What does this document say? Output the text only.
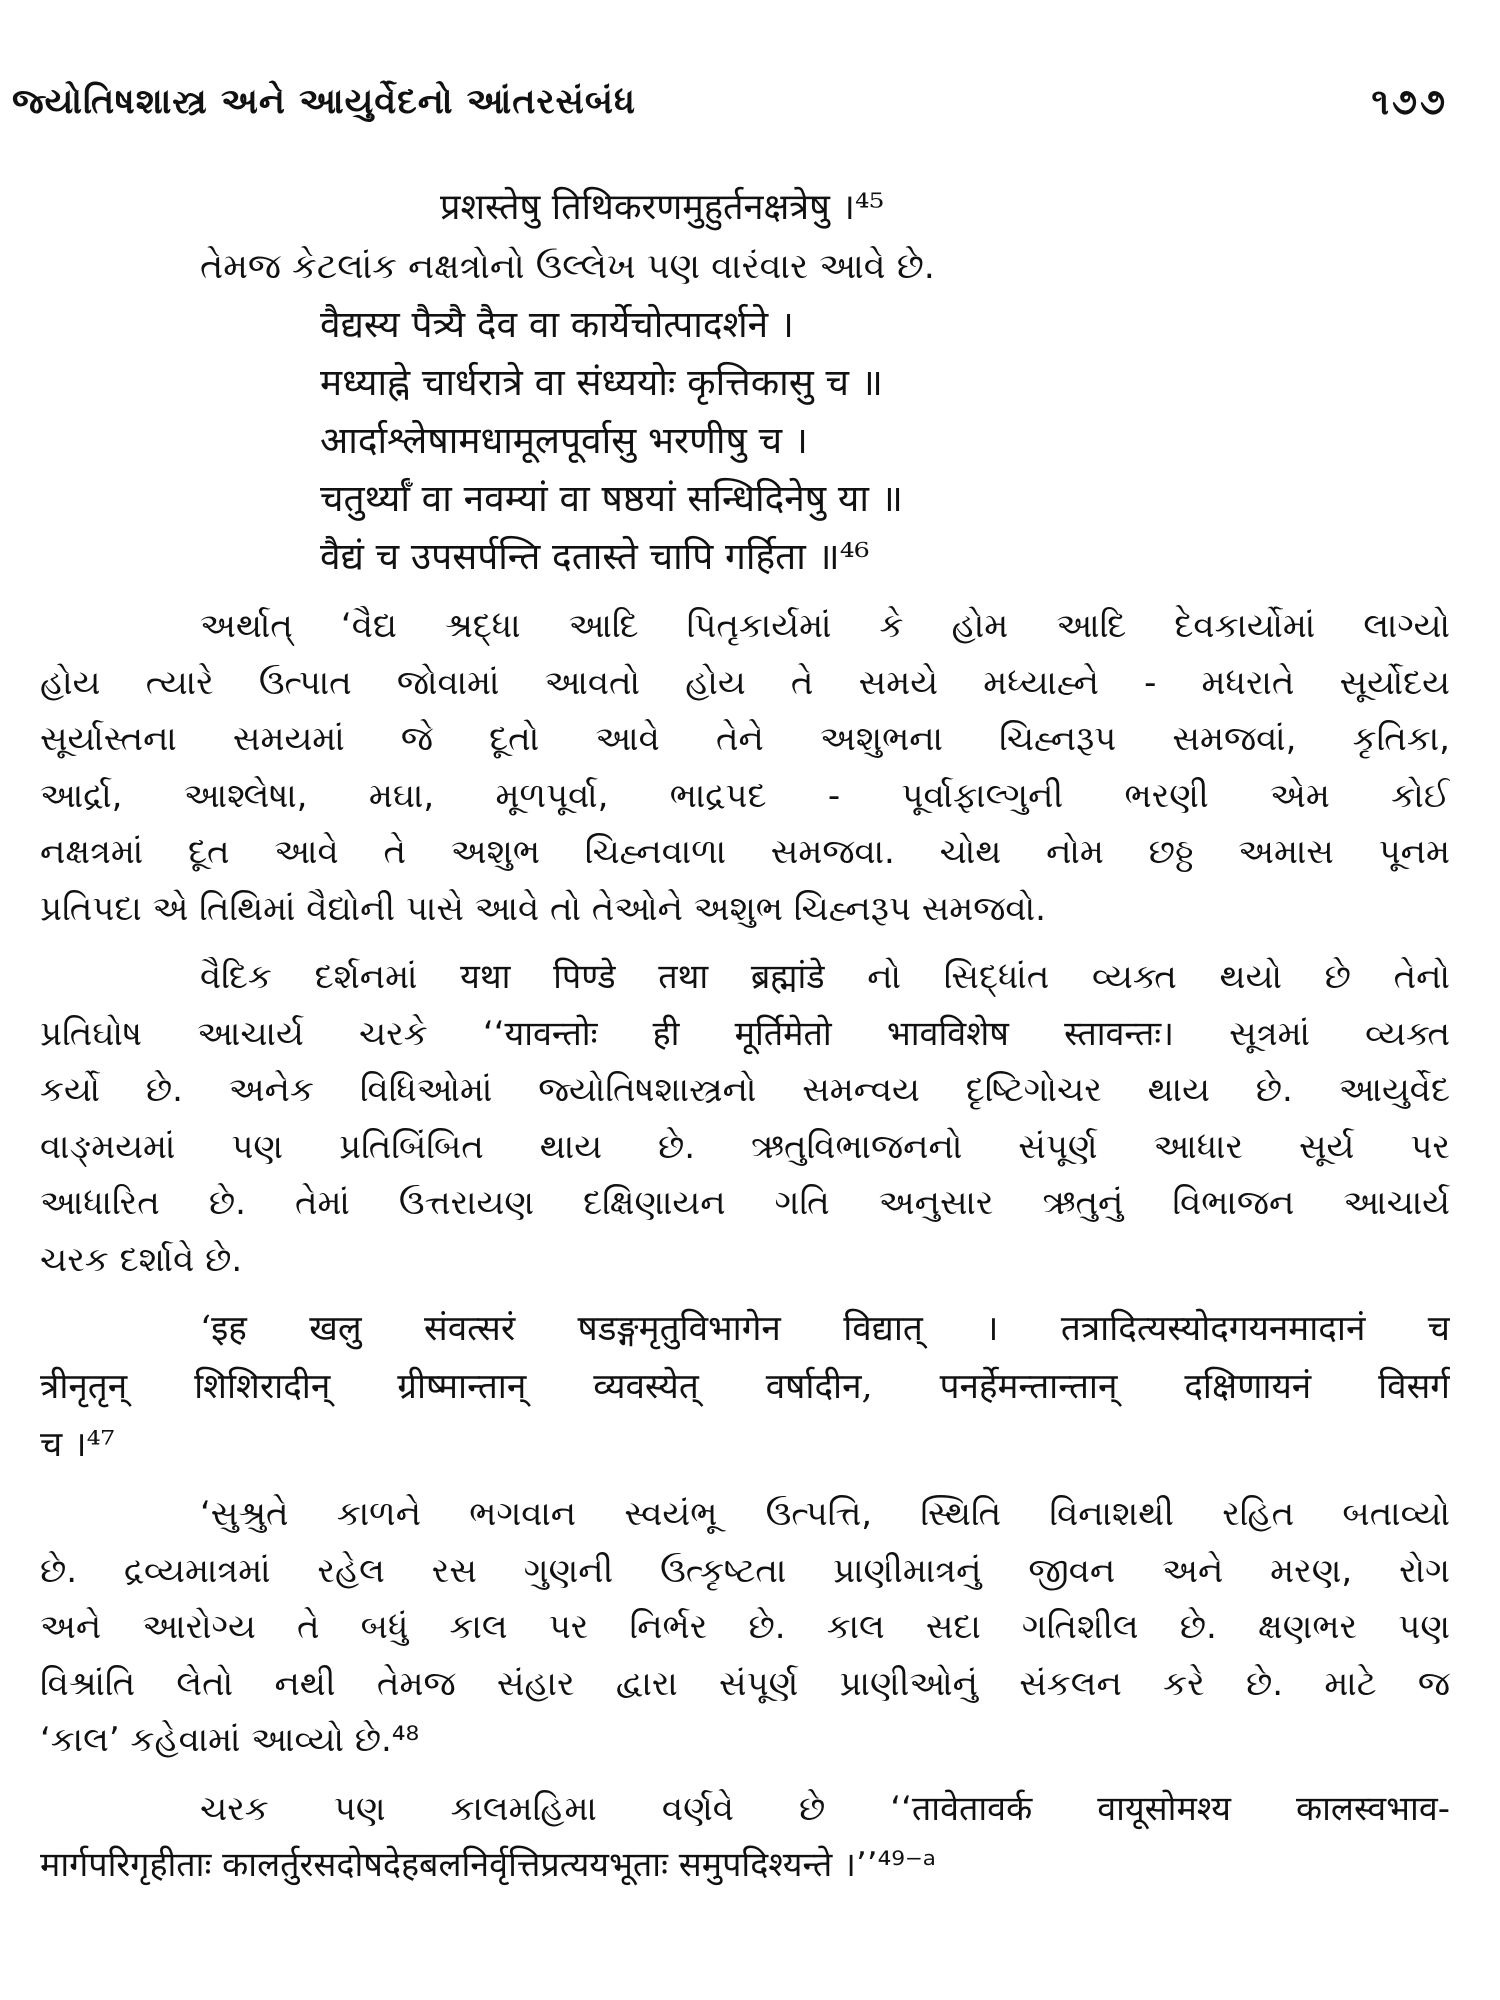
જ્યોતિષશાસ્ત્ર અને આયુર્વેદનો આંતરસંબંધ	૧૭૭
प्रशस्तेषु तिथिकरणमुहुर्तनक्षत्रेषु ।⁴⁵
તેમજ કેટલાંક નક્ષત્રોનો ઉલ્લેખ પણ વારંવાર આવે છે.
वैद्यस्य पैत्र्यै दैव वा कार्येचोत्पादर्शने ।
मध्याह्ने चार्धरात्रे वा संध्ययोः कृत्तिकासु च ॥
आर्दाश्लेषामधामूलपूर्वासु भरणीषु च ।
चतुर्थ्याँ वा नवम्यां वा षष्ठयां सन्धिदिनेषु या ॥
वैद्यं च उपसर्पन्ति दतास्ते चापि गर्हिता ॥⁴⁶
અર્થાત્ ‘વૈદ્ય શ્રદ્ધા આદિ પિતૃકાર્યમાં કે હોમ આદિ દેવકાર્યોમાં લાગ્યો
હોય ત્યારે ઉત્પાત જોવામાં આવતો હોય તે સમયે મધ્યાહ્ને - મધરાતે સૂર્યોદય
સૂર્યાસ્તના સમયમાં જે દૂતો આવે તેને અશુભના ચિહ્નરૂપ સમજવાં, કૃતિકા,
આર્દ્રા, આશ્લેષા, મઘા, મૂળપૂર્વા, ભાદ્રપદ - પૂર્વાફાલ્ગુની ભરણી એમ કોઈ
નક્ષત્રમાં દૂત આવે તે અશુભ ચિહ્નવાળા સમજવા. ચોથ નોમ છઠ્ઠ અમાસ પૂનમ
પ્રતિપદા એ તિથિમાં વૈદ્યોની પાસે આવે તો તેઓને અશુભ ચિહ્નરૂપ સમજવો.
વૈદિક દર્શનમાં यथा पिण्डे तथा ब्रह्मांडे નો સિદ્ધાંત વ્યક્ત થયો છે તેનો
પ્રતિઘોષ આચાર્ય ચરકે ‘‘यावन्तोः ही मूर्तिमेतो भावविशेष स्तावन्तः। સૂત્રમાં વ્યક્ત
કર્યો છે. અનેક વિધિઓમાં જ્યોતિષશાસ્ત્રનો સમન્વય દૃષ્ટિગોચર થાય છે. આયુર્વેદ
વાઙ્મયમાં પણ પ્રતિબિંબિત થાય છે. ઋતુવિભાજનનો સંપૂર્ણ આધાર સૂર્ય પર
આધારિત છે. તેમાં ઉત્તરાયણ દક્ષિણાયન ગતિ અનુસાર ઋતુનું વિભાજન આચાર્ય
ચરક દર્શાવે છે.
‘इह खलु संवत्सरं षडङ्गमृतुविभागेन विद्यात् । तत्रादित्यस्योदगयनमादानं च
त्रीनृतृन् शिशिरादीन् ग्रीष्मान्तान् व्यवस्येत् वर्षादीन, पनर्हेमन्तान्तान् दक्षिणायनं विसर्ग
च ।⁴⁷
‘સુશ્રુતે કાળને ભગવાન સ્વયંભૂ ઉત્પત્તિ, સ્થિતિ વિનાશથી રહિત બતાવ્યો
છે. દ્રવ્યમાત્રમાં રહેલ રસ ગુણની ઉત્કૃષ્ટતા પ્રાણીમાત્રનું જીવન અને મરણ, રોગ
અને આરોગ્ય તે બધું કાલ પર નિર્ભર છે. કાલ સદા ગતિશીલ છે. ક્ષણભર પણ
વિશ્રાંતિ લેતો નથી તેમજ સંહાર દ્વારા સંપૂર્ણ પ્રાણીઓનું સંકલન કરે છે. માટે જ
‘કાલ’ કહેવામાં આવ્યો છે.⁴⁸
ચરક પણ કાલમહિમા વર્ણવે છે ‘‘तावेतावर्क वायूसोमश्य कालस्वभाव-
मार्गपरिगृहीताः कालर्तुरसदोषदेहबलनिर्वृत्तिप्रत्ययभूताः समुपदिश्यन्ते ।’’⁴⁹⁻ᵃ
